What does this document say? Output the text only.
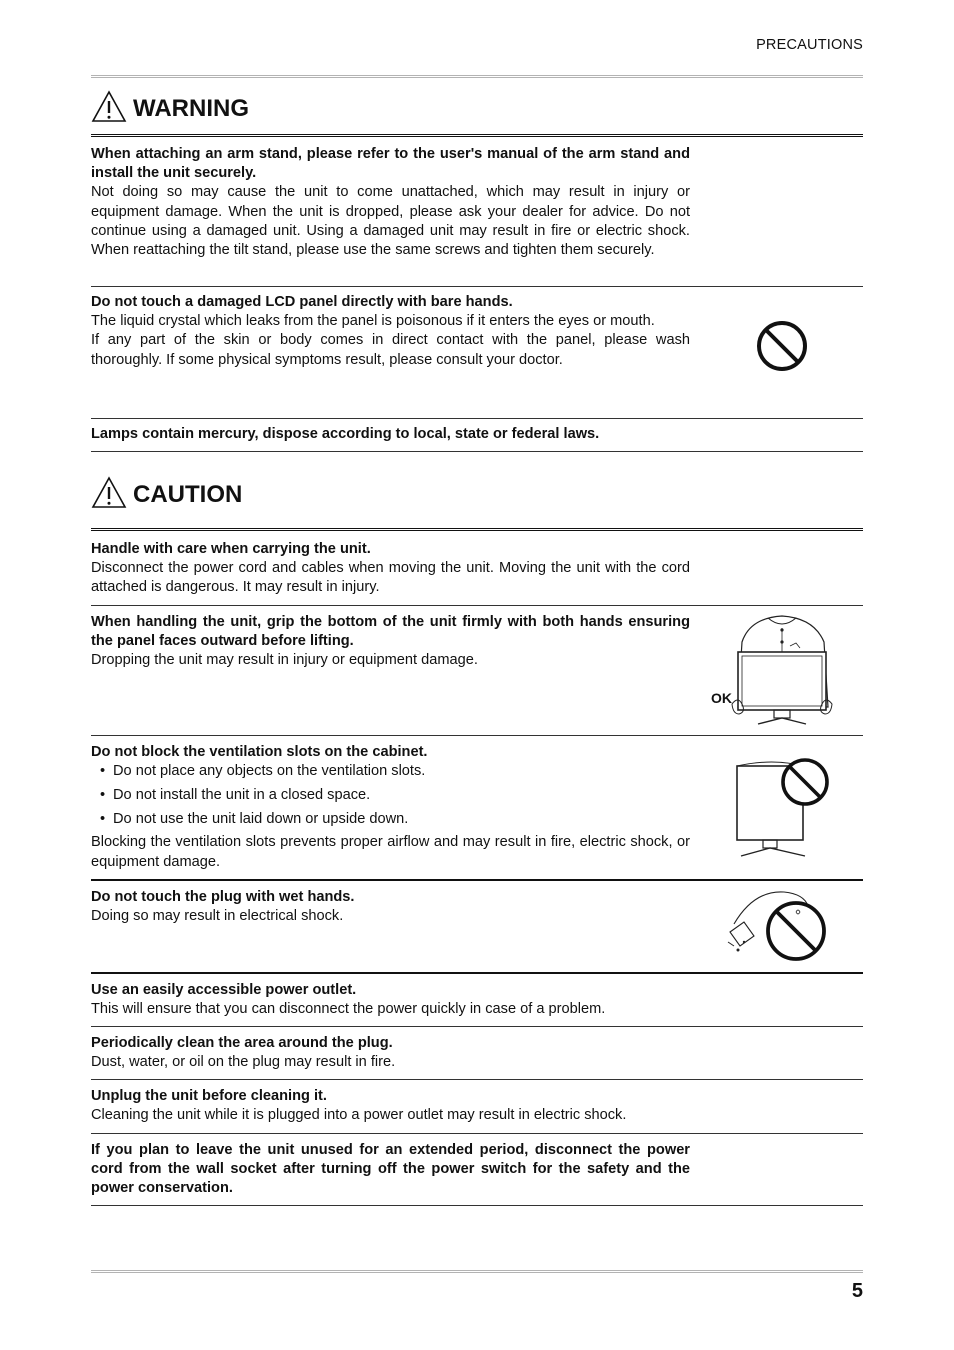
PRECAUTIONS
WARNING
When attaching an arm stand, please refer to the user's manual of the arm stand and install the unit securely.
Not doing so may cause the unit to come unattached, which may result in injury or equipment damage. When the unit is dropped, please ask your dealer for advice. Do not continue using a damaged unit. Using a damaged unit may result in fire or electric shock. When reattaching the tilt stand, please use the same screws and tighten them securely.
Do not touch a damaged LCD panel directly with bare hands.
The liquid crystal which leaks from the panel is poisonous if it enters the eyes or mouth.
If any part of the skin or body comes in direct contact with the panel, please wash thoroughly. If some physical symptoms result, please consult your doctor.
Lamps contain mercury, dispose according to local, state or federal laws.
CAUTION
Handle with care when carrying the unit.
Disconnect the power cord and cables when moving the unit. Moving the unit with the cord attached is dangerous. It may result in injury.
When handling the unit, grip the bottom of the unit firmly with both hands ensuring the panel faces outward before lifting.
Dropping the unit may result in injury or equipment damage.
OK
Do not block the ventilation slots on the cabinet.
• Do not place any objects on the ventilation slots.
• Do not install the unit in a closed space.
• Do not use the unit laid down or upside down.
Blocking the ventilation slots prevents proper airflow and may result in fire, electric shock, or equipment damage.
Do not touch the plug with wet hands.
Doing so may result in electrical shock.
Use an easily accessible power outlet.
This will ensure that you can disconnect the power quickly in case of a problem.
Periodically clean the area around the plug.
Dust, water, or oil on the plug may result in fire.
Unplug the unit before cleaning it.
Cleaning the unit while it is plugged into a power outlet may result in electric shock.
If you plan to leave the unit unused for an extended period, disconnect the power cord from the wall socket after turning off the power switch for the safety and the power conservation.
5
